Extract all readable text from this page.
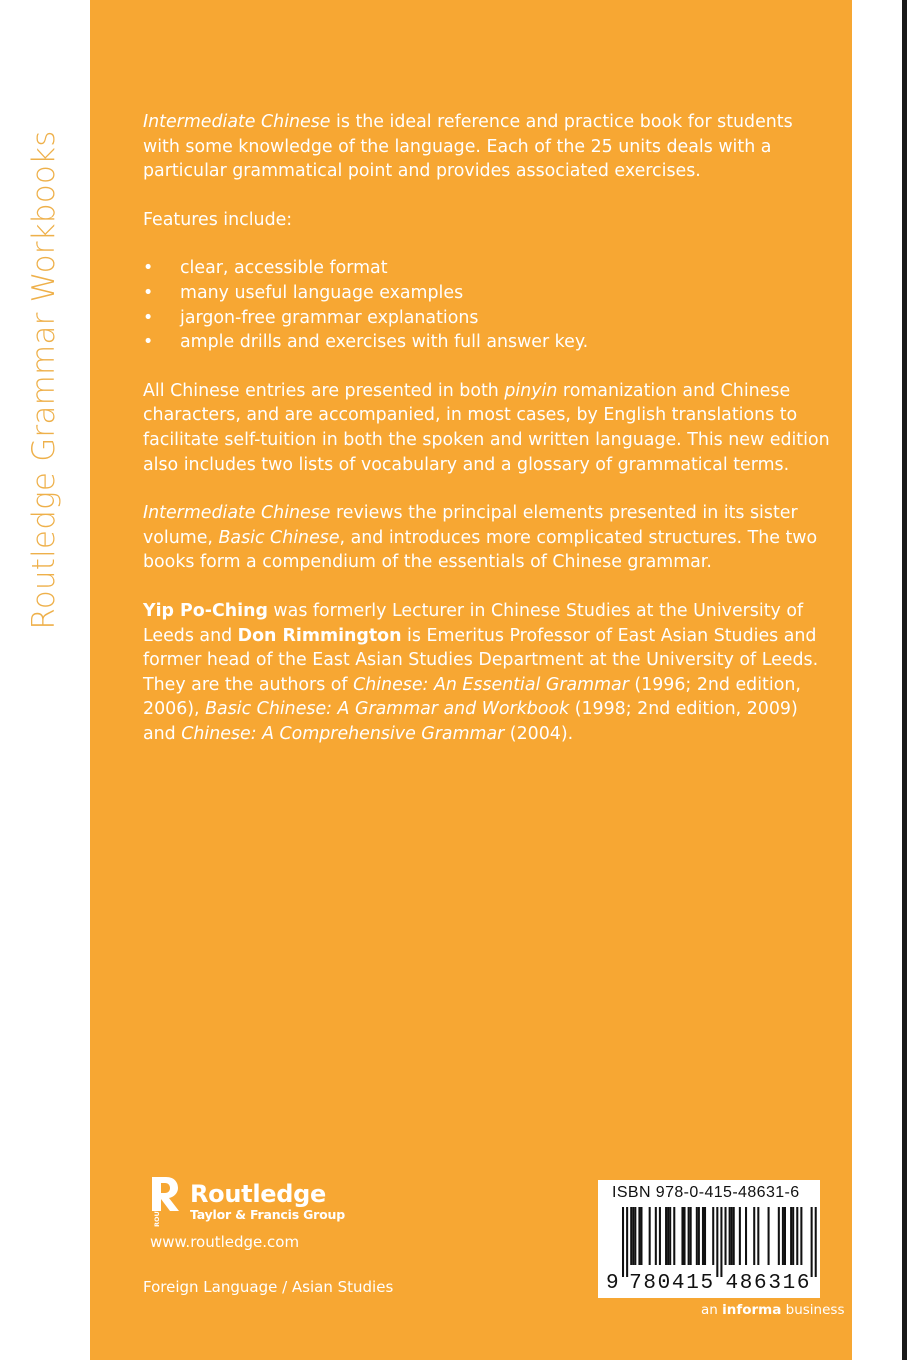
Routledge Grammar Workbooks

Intermediate Chinese is the ideal reference and practice book for students with some knowledge of the language. Each of the 25 units deals with a particular grammatical point and provides associated exercises.

Features include:

• clear, accessible format
• many useful language examples
• jargon-free grammar explanations
• ample drills and exercises with full answer key.

All Chinese entries are presented in both pinyin romanization and Chinese characters, and are accompanied, in most cases, by English translations to facilitate self-tuition in both the spoken and written language. This new edition also includes two lists of vocabulary and a glossary of grammatical terms.

Intermediate Chinese reviews the principal elements presented in its sister volume, Basic Chinese, and introduces more complicated structures. The two books form a compendium of the essentials of Chinese grammar.

Yip Po-Ching was formerly Lecturer in Chinese Studies at the University of Leeds and Don Rimmington is Emeritus Professor of East Asian Studies and former head of the East Asian Studies Department at the University of Leeds. They are the authors of Chinese: An Essential Grammar (1996; 2nd edition, 2006), Basic Chinese: A Grammar and Workbook (1998; 2nd edition, 2009) and Chinese: A Comprehensive Grammar (2004).

ROUTLEDGE Routledge
Taylor & Francis Group
www.routledge.com
Foreign Language / Asian Studies
ISBN 978-0-415-48631-6
9 780415 486316
an informa business
